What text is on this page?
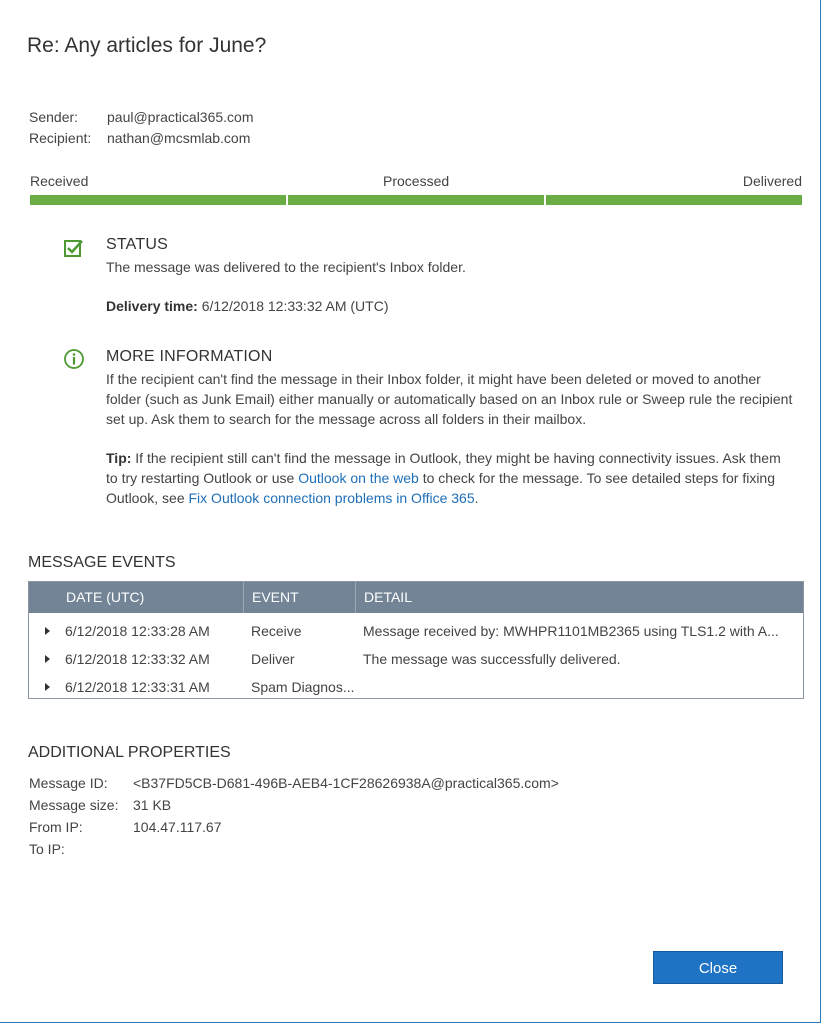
Re: Any articles for June?
Sender: paul@practical365.com
Recipient: nathan@mcsmlab.com
Received	Processed	Delivered
STATUS
The message was delivered to the recipient's Inbox folder.
Delivery time: 6/12/2018 12:33:32 AM (UTC)
MORE INFORMATION
If the recipient can't find the message in their Inbox folder, it might have been deleted or moved to another folder (such as Junk Email) either manually or automatically based on an Inbox rule or Sweep rule the recipient set up. Ask them to search for the message across all folders in their mailbox.
Tip: If the recipient still can't find the message in Outlook, they might be having connectivity issues. Ask them to try restarting Outlook or use Outlook on the web to check for the message. To see detailed steps for fixing Outlook, see Fix Outlook connection problems in Office 365.
MESSAGE EVENTS
DATE (UTC)	EVENT	DETAIL
6/12/2018 12:33:28 AM	Receive	Message received by: MWHPR1101MB2365 using TLS1.2 with A...
6/12/2018 12:33:32 AM	Deliver	The message was successfully delivered.
6/12/2018 12:33:31 AM	Spam Diagnos...
ADDITIONAL PROPERTIES
Message ID: <B37FD5CB-D681-496B-AEB4-1CF28626938A@practical365.com>
Message size: 31 KB
From IP:	104.47.117.67
To IP:
Close
